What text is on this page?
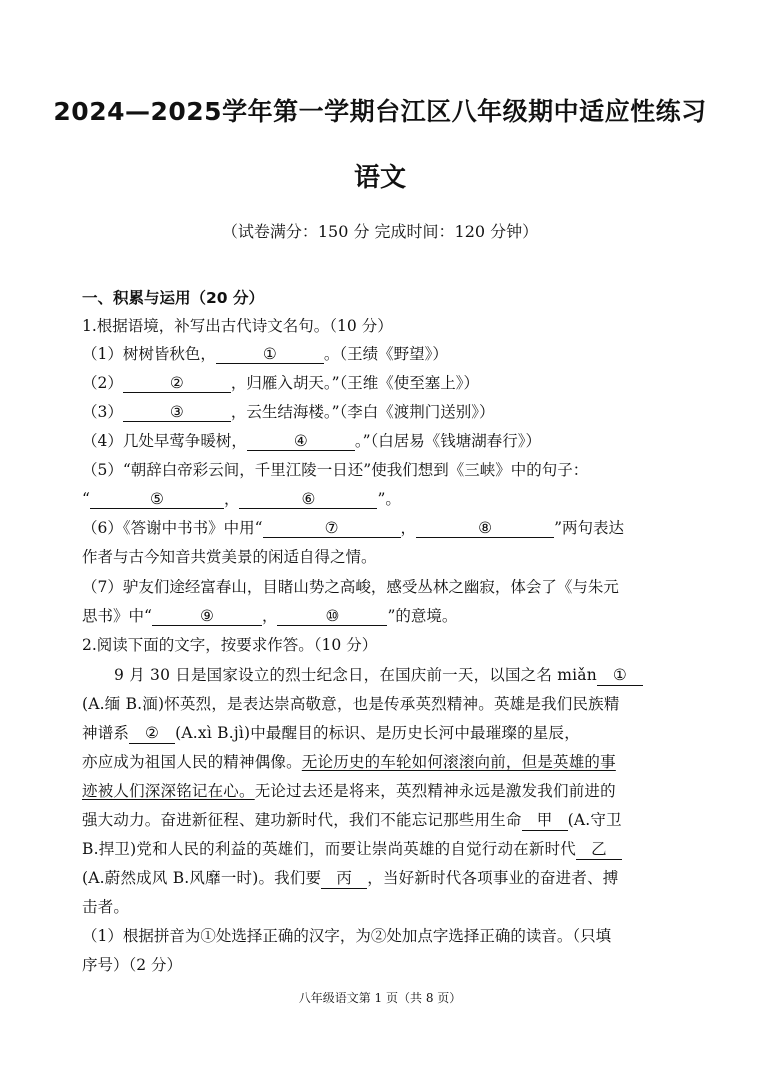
2024—2025学年第一学期台江区八年级期中适应性练习
语文
（试卷满分：150 分 完成时间：120 分钟）
一、积累与运用（20 分）
1.根据语境，补写出古代诗文名句。（10 分）
（1）树树皆秋色，	①	。（王绩《野望》）
（2）	②	，归雁入胡天。”（王维《使至塞上》）
（3）	③	，云生结海楼。”（李白《渡荆门送别》）
（4）几处早莺争暖树，	④	。”（白居易《钱塘湖春行》）
（5）“朝辞白帝彩云间，千里江陵一日还”使我们想到《三峡》中的句子：
“	⑤	，	⑥	”。
（6）《答谢中书书》中用“	⑦	，	⑧	”两句表达
作者与古今知音共赏美景的闲适自得之情。
（7）驴友们途经富春山，目睹山势之高峻，感受丛林之幽寂，体会了《与朱元
思书》中“	⑨	，	⑩	”的意境。
2.阅读下面的文字，按要求作答。（10 分）
9 月 30 日是国家设立的烈士纪念日，在国庆前一天，以国之名 miǎn ①
(A.缅 B.湎)怀英烈，是表达崇高敬意，也是传承英烈精神。英雄是我们民族精
神谱系 ② (A.xì B.jì)中最醒目的标识、是历史长河中最璀璨的星辰，
亦应成为祖国人民的精神偶像。无论历史的车轮如何滚滚向前，但是英雄的事
迹被人们深深铭记在心。无论过去还是将来，英烈精神永远是激发我们前进的
强大动力。奋进新征程、建功新时代，我们不能忘记那些用生命 甲 (A.守卫
B.捍卫)党和人民的利益的英雄们，而要让崇尚英雄的自觉行动在新时代 乙
(A.蔚然成风 B.风靡一时)。我们要 丙 ，当好新时代各项事业的奋进者、搏
击者。
（1）根据拼音为①处选择正确的汉字，为②处加点字选择正确的读音。（只填
序号）（2 分）
八年级语文第 1 页（共 8 页）
